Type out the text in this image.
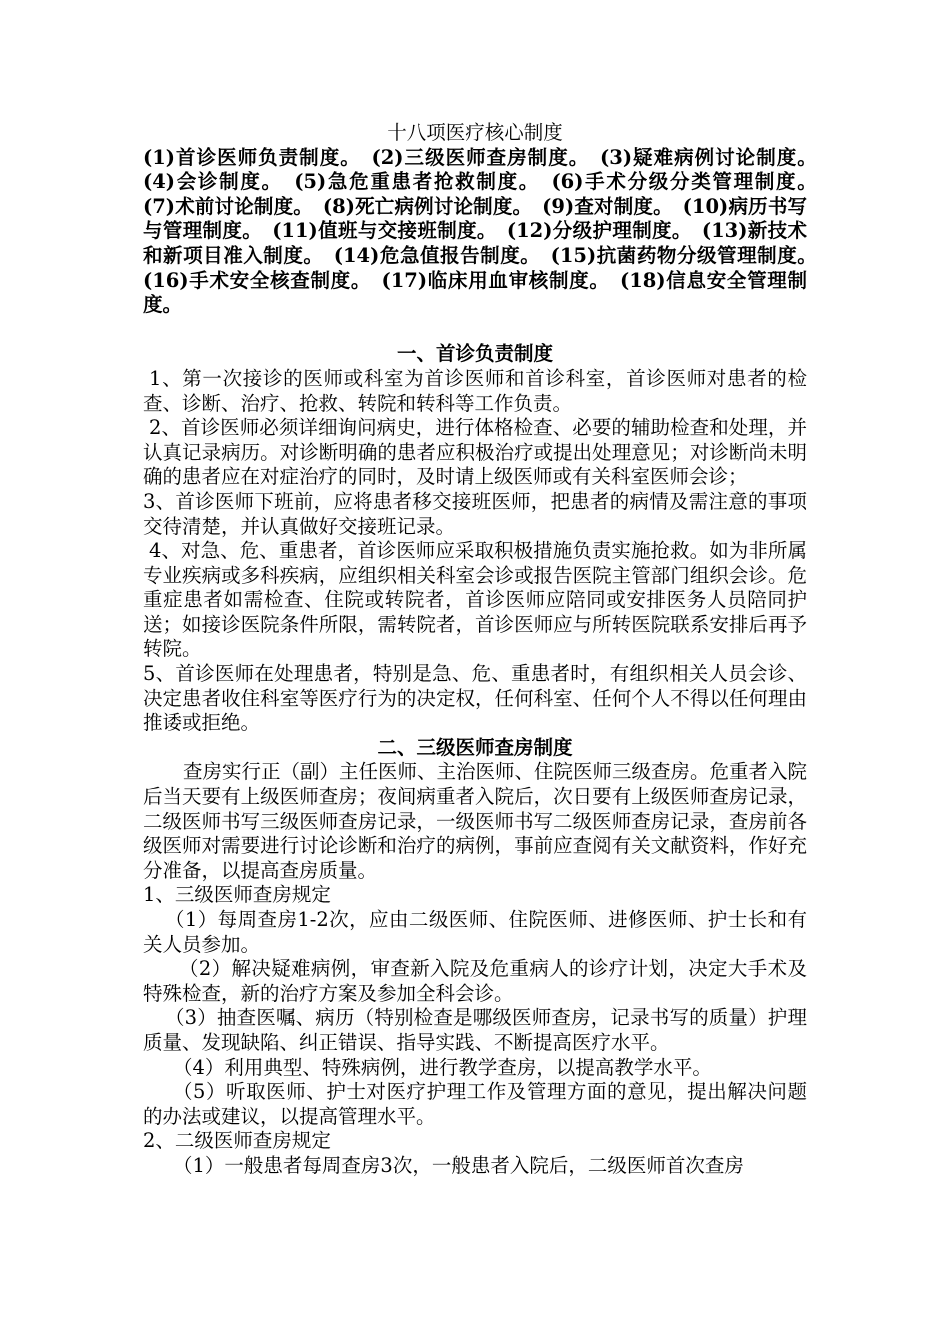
十八项医疗核心制度

(1)首诊医师负责制度。　(2)三级医师查房制度。　(3)疑难病例讨论制度。　(4)会诊制度。　(5)急危重患者抢救制度。　(6)手术分级分类管理制度。　(7)术前讨论制度。　(8)死亡病例讨论制度。　(9)查对制度。　(10)病历书写与管理制度。　(11)值班与交接班制度。　(12)分级护理制度。　(13)新技术和新项目准入制度。　(14)危急值报告制度。　(15)抗菌药物分级管理制度。　(16)手术安全核查制度。　(17)临床用血审核制度。　(18)信息安全管理制度。

一、首诊负责制度

1、第一次接诊的医师或科室为首诊医师和首诊科室，首诊医师对患者的检查、诊断、治疗、抢救、转院和转科等工作负责。

2、首诊医师必须详细询问病史，进行体格检查、必要的辅助检查和处理，并认真记录病历。对诊断明确的患者应积极治疗或提出处理意见；对诊断尚未明确的患者应在对症治疗的同时，及时请上级医师或有关科室医师会诊；

3、首诊医师下班前，应将患者移交接班医师，把患者的病情及需注意的事项交待清楚，并认真做好交接班记录。

4、对急、危、重患者，首诊医师应采取积极措施负责实施抢救。如为非所属专业疾病或多科疾病，应组织相关科室会诊或报告医院主管部门组织会诊。危重症患者如需检查、住院或转院者，首诊医师应陪同或安排医务人员陪同护送；如接诊医院条件所限，需转院者，首诊医师应与所转医院联系安排后再予转院。

5、首诊医师在处理患者，特别是急、危、重患者时，有组织相关人员会诊、决定患者收住科室等医疗行为的决定权，任何科室、任何个人不得以任何理由推诿或拒绝。

二、三级医师查房制度

查房实行正（副）主任医师、主治医师、住院医师三级查房。危重者入院后当天要有上级医师查房；夜间病重者入院后，次日要有上级医师查房记录，二级医师书写三级医师查房记录，一级医师书写二级医师查房记录，查房前各级医师对需要进行讨论诊断和治疗的病例，事前应查阅有关文献资料，作好充分准备，以提高查房质量。

1、三级医师查房规定

（1）每周查房1-2次，应由二级医师、住院医师、进修医师、护士长和有关人员参加。

（2）解决疑难病例，审查新入院及危重病人的诊疗计划，决定大手术及特殊检查，新的治疗方案及参加全科会诊。

（3）抽查医嘱、病历（特别检查是哪级医师查房，记录书写的质量）护理质量、发现缺陷、纠正错误、指导实践、不断提高医疗水平。

（4）利用典型、特殊病例，进行教学查房，以提高教学水平。

（5）听取医师、护士对医疗护理工作及管理方面的意见，提出解决问题的办法或建议，以提高管理水平。

2、二级医师查房规定

（1）一般患者每周查房3次，一般患者入院后，二级医师首次查房
